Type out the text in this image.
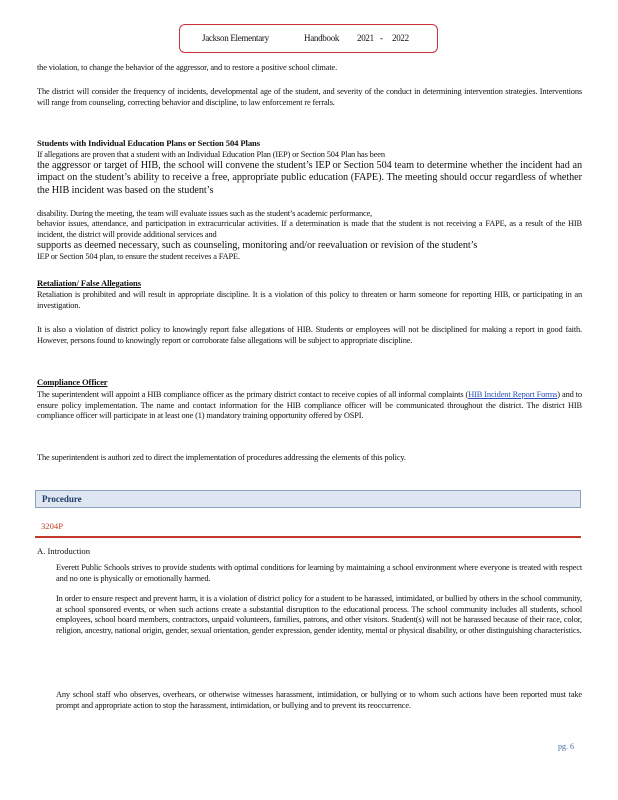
Jackson Elementary	Handbook 2021 - 2022
the violation, to change the behavior of the aggressor, and to restore a positive school climate.
The district will consider the frequency of incidents, developmental age of the student, and severity of the conduct in determining intervention strategies. Interventions will range from counseling, correcting behavior and discipline, to law enforcement re ferrals.
Students with Individual Education Plans or Section 504 Plans
If allegations are proven that a student with an Individual Education Plan (IEP) or Section 504 Plan has been
the aggressor or target of HIB, the school will convene the student’s IEP or Section 504 team to determine whether the incident had an impact on the student’s ability to receive a free, appropriate public education (FAPE). The meeting should occur regardless of whether the HIB incident was based on the student’s
disability. During the meeting, the team will evaluate issues such as the student’s academic performance,
behavior issues, attendance, and participation in extracurricular activities. If a determination is made that the student is not receiving a FAPE, as a result of the HIB incident, the district will provide additional services and
supports as deemed necessary, such as counseling, monitoring and/or reevaluation or revision of the student’s
IEP or Section 504 plan, to ensure the student receives a FAPE.
Retaliation/ False Allegations
Retaliation is prohibited and will result in appropriate discipline. It is a violation of this policy to threaten or harm someone for reporting HIB, or participating in an investigation.
It is also a violation of district policy to knowingly report false allegations of HIB. Students or employees will not be disciplined for making a report in good faith. However, persons found to knowingly report or corroborate false allegations will be subject to appropriate discipline.
Compliance Officer
The superintendent will appoint a HIB compliance officer as the primary district contact to receive copies of all informal complaints (HIB Incident Report Forms) and to ensure policy implementation. The name and contact information for the HIB compliance officer will be communicated throughout the district. The district HIB compliance officer will participate in at least one (1) mandatory training opportunity offered by OSPI.
The superintendent is authori zed to direct the implementation of procedures addressing the elements of this policy.
Procedure
3204P
A. Introduction
Everett Public Schools strives to provide students with optimal conditions for learning by maintaining a school environment where everyone is treated with respect and no one is physically or emotionally harmed.
In order to ensure respect and prevent harm, it is a violation of district policy for a student to be harassed, intimidated, or bullied by others in the school community, at school sponsored events, or when such actions create a substantial disruption to the educational process. The school community includes all students, school employees, school board members, contractors, unpaid volunteers, families, patrons, and other visitors. Student(s) will not be harassed because of their race, color, religion, ancestry, national origin, gender, sexual orientation, gender expression, gender identity, mental or physical disability, or other distinguishing characteristics.
Any school staff who observes, overhears, or otherwise witnesses harassment, intimidation, or bullying or to whom such actions have been reported must take prompt and appropriate action to stop the harassment, intimidation, or bullying and to prevent its reoccurrence.
pg. 6
